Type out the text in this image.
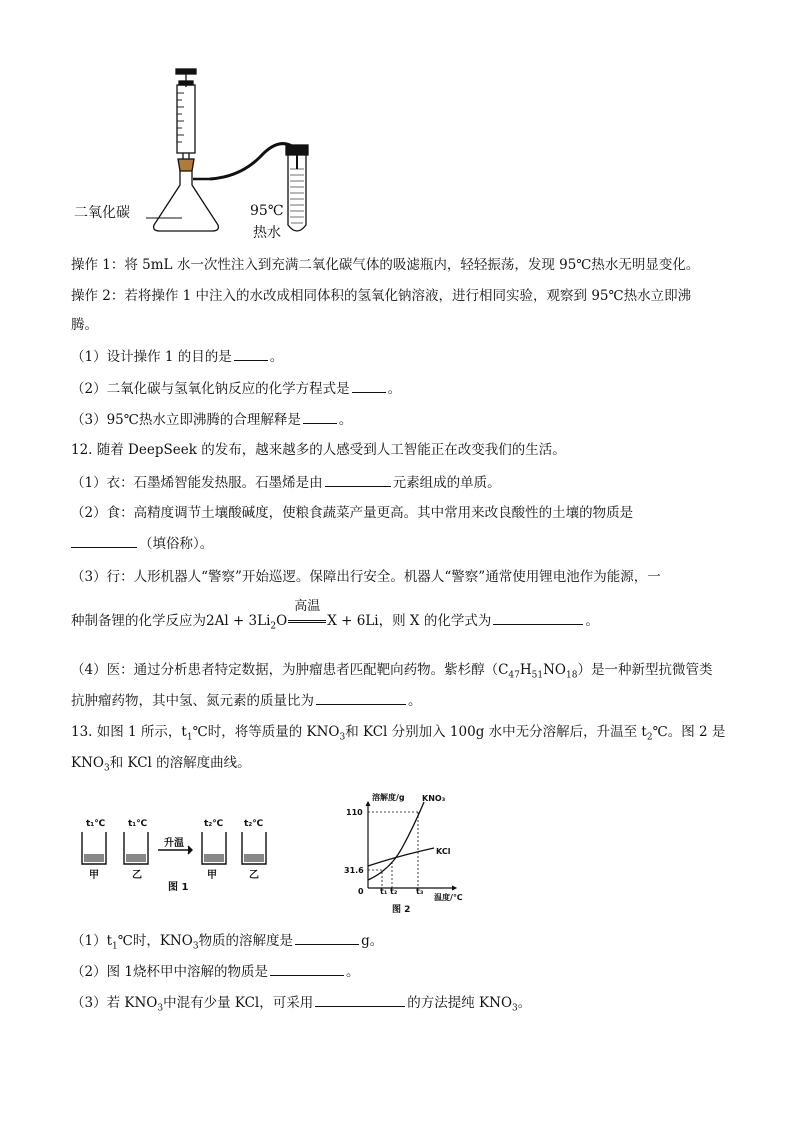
二氧化碳	95℃
热水
操作 1：将 5mL 水一次性注入到充满二氧化碳气体的吸滤瓶内，轻轻振荡，发现 95℃热水无明显变化。
操作 2：若将操作 1 中注入的水改成相同体积的氢氧化钠溶液，进行相同实验，观察到 95℃热水立即沸
腾。
（1）设计操作 1 的目的是	。
（2）二氧化碳与氢氧化钠反应的化学方程式是	。
（3）95℃热水立即沸腾的合理解释是	。
12. 随着 DeepSeek 的发布，越来越多的人感受到人工智能正在改变我们的生活。
（1）衣：石墨烯智能发热服。石墨烯是由	元素组成的单质。
（2）食：高精度调节土壤酸碱度，使粮食蔬菜产量更高。其中常用来改良酸性的土壤的物质是
（填俗称）。
（3）行：人形机器人“警察”开始巡逻。保障出行安全。机器人“警察”通常使用锂电池作为能源，一
种制备锂的化学反应为$2Al + 3Li_2O$
高温
X + 6Li，则 X 的化学式为	。
（4）医：通过分析患者特定数据，为肿瘤患者匹配靶向药物。紫杉醇$(C_{47}H_{51}NO_{18})$是一种新型抗微管类
抗肿瘤药物，其中氢、氮元素的质量比为	。
13. 如图 1 所示，$t_1℃$时，将等质量的 $KNO_3$和 KCl 分别加入 100g 水中无分溶解后，升温至 $t_2℃$。图 2 是
$KNO_3$和 KCl 的溶解度曲线。
t₁℃	t₁℃	t₂℃ t₂℃
升温
甲	乙	甲	乙
图 1
溶解度/g
110
31.6
0
KNO₃
KCl
t₁ t₂ t₃
温度/℃
图 2
$(1)t_1℃$时，$KNO_3$物质的溶解度是	g。
（2）图 1烧杯甲中溶解的物质是	。
（3）若 $KNO_3$中混有少量 KCl，可采用	的方法提纯 $KNO_3$。
